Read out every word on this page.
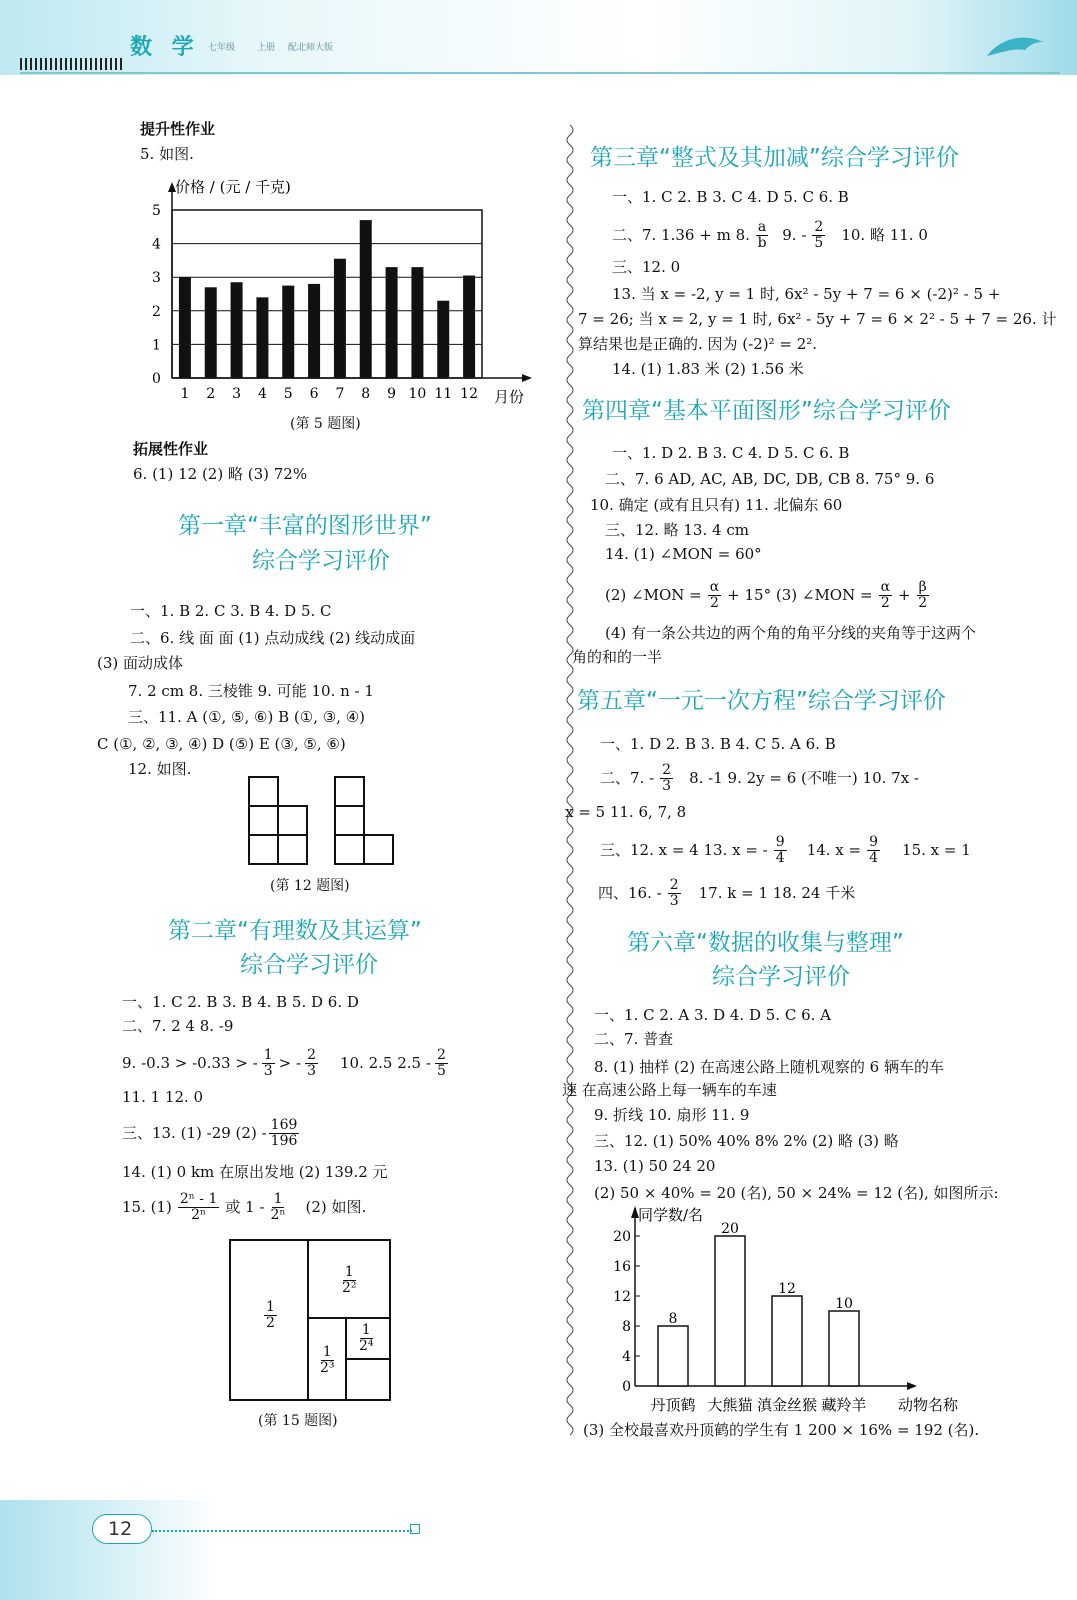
数 学 七年级 上册 配北师大版
提升性作业
5. 如图.
价格 / (元 / 千克)
0
1
2
3
4
5
1 2 3 4 5 6 7 8 9 10 11 12 月份
(第 5 题图)
拓展性作业
6. (1) 12 (2) 略 (3) 72%
第一章“丰富的图形世界”
综合学习评价
一、1. B 2. C 3. B 4. D 5. C
二、6. 线 面 面 (1) 点动成线 (2) 线动成面
(3) 面动成体
7. 2 cm 8. 三棱锥 9. 可能 10. n - 1
三、11. A (①, ⑤, ⑥) B (①, ③, ④)
C (①, ②, ③, ④) D (⑤) E (③, ⑤, ⑥)
12. 如图.
(第 12 题图)
第二章“有理数及其运算”
综合学习评价
一、1. C 2. B 3. B 4. B 5. D 6. D
二、7. 2 4 8. -9
9. -0.3 > -0.33 > - $\frac{1}{3}$ > - $\frac{2}{3} 10$. 2.5 $2.5 - \frac{2}{5}$
11. 1 12. 0
三、13. (1) -29 $(2) - \frac{169}{196}$
14. (1) 0 km 在原出发地 (2) 139.2 元
15. $(1) \frac{\text{2ⁿ - 1}}{\text{2ⁿ}}$ 或 $1 - \frac{1}{\text{2ⁿ}} (2)$ 如图.
$\frac{1}{2}$
$\frac{1}{\text{2²}}$
$\frac{1}{\text{2³}}$
$\frac{1}{\text{2⁴}}$
(第 15 题图)
第三章“整式及其加减”综合学习评价
一、1. C 2. B 3. C 4. D 5. C 6. B
二、7. 1.36 + m 8. $\frac{a}{b} 9$. - $\frac{2}{5} 10$. 略 11. 0
三、12. 0
13. 当 x = -2, y = 1 时, 6x² - 5y + 7 = 6 × (-2)² - 5 +
7 = 26; 当 x = 2, y = 1 时, 6x² - 5y + 7 = 6 × 2² - 5 + 7 = 26. 计
算结果也是正确的. 因为 (-2)² = 2².
14. (1) 1.83 米 (2) 1.56 米
第四章“基本平面图形”综合学习评价
一、1. D 2. B 3. C 4. D 5. C 6. B
二、7. 6 AD, AC, AB, DC, DB, CB 8. 75° 9. 6
10. 确定 (或有且只有) 11. 北偏东 60
三、12. 略 13. 4 cm
14. (1) ∠MON = 60°
(2) ∠MON = $\frac{\alpha}{2} + 15^\circ$ (3) ∠MON = $\frac{\alpha}{2} + \frac{\beta}{2}$
(4) 有一条公共边的两个角的角平分线的夹角等于这两个
角的和的一半
第五章“一元一次方程”综合学习评价
一、1. D 2. B 3. B 4. C 5. A 6. B
二、7. - $\frac{2}{3} 8$. -1 9. 2y = 6 (不唯一) 10. 7x -
x = 5 11. 6, 7, 8
三、12. x = 4 13. x = - $\frac{9}{4} 14$. $x = \frac{9}{4} 15$. x = 1
四、16. - $\frac{2}{3} 17$. k = 1 18. 24 千米
第六章“数据的收集与整理”
综合学习评价
一、1. C 2. A 3. D 4. D 5. C 6. A
二、7. 普查
8. (1) 抽样 (2) 在高速公路上随机观察的 6 辆车的车
速 在高速公路上每一辆车的车速
9. 折线 10. 扇形 11. 9
三、12. (1) 50% 40% 8% 2% (2) 略 (3) 略
13. (1) 50 24 20
(2) 50 × 40% = 20 (名), 50 × 24% = 12 (名), 如图所示:
同学数/名
0
4
8
12
16
20
8
丹顶鹤
20
大熊猫
12
滇金丝猴
10
藏羚羊 动物名称
(3) 全校最喜欢丹顶鹤的学生有 1 200 × 16% = 192 (名).
12
